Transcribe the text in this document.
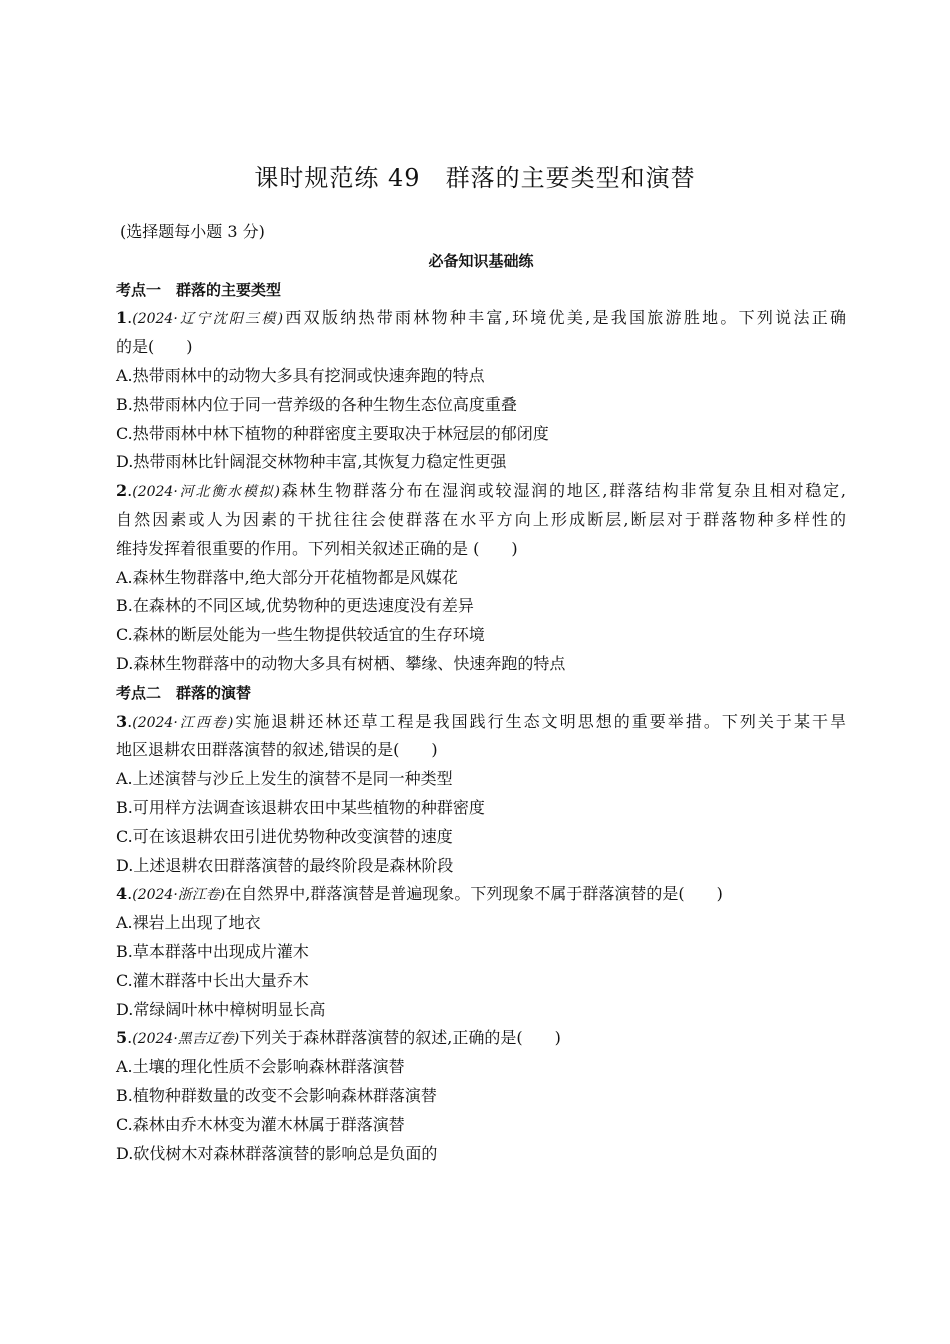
课时规范练 49　群落的主要类型和演替
(选择题每小题 3 分)
必备知识基础练
考点一　群落的主要类型
1.(2024·辽宁沈阳三模)西双版纳热带雨林物种丰富,环境优美,是我国旅游胜地。下列说法正确
的是(　　)
A.热带雨林中的动物大多具有挖洞或快速奔跑的特点
B.热带雨林内位于同一营养级的各种生物生态位高度重叠
C.热带雨林中林下植物的种群密度主要取决于林冠层的郁闭度
D.热带雨林比针阔混交林物种丰富,其恢复力稳定性更强
2.(2024·河北衡水模拟)森林生物群落分布在湿润或较湿润的地区,群落结构非常复杂且相对稳定,
自然因素或人为因素的干扰往往会使群落在水平方向上形成断层,断层对于群落物种多样性的
维持发挥着很重要的作用。下列相关叙述正确的是 (　　)
A.森林生物群落中,绝大部分开花植物都是风媒花
B.在森林的不同区域,优势物种的更迭速度没有差异
C.森林的断层处能为一些生物提供较适宜的生存环境
D.森林生物群落中的动物大多具有树栖、攀缘、快速奔跑的特点
考点二　群落的演替
3.(2024·江西卷)实施退耕还林还草工程是我国践行生态文明思想的重要举措。下列关于某干旱
地区退耕农田群落演替的叙述,错误的是(　　)
A.上述演替与沙丘上发生的演替不是同一种类型
B.可用样方法调查该退耕农田中某些植物的种群密度
C.可在该退耕农田引进优势物种改变演替的速度
D.上述退耕农田群落演替的最终阶段是森林阶段
4.(2024·浙江卷)在自然界中,群落演替是普遍现象。下列现象不属于群落演替的是(　　)
A.裸岩上出现了地衣
B.草本群落中出现成片灌木
C.灌木群落中长出大量乔木
D.常绿阔叶林中樟树明显长高
5.(2024·黑吉辽卷)下列关于森林群落演替的叙述,正确的是(　　)
A.土壤的理化性质不会影响森林群落演替
B.植物种群数量的改变不会影响森林群落演替
C.森林由乔木林变为灌木林属于群落演替
D.砍伐树木对森林群落演替的影响总是负面的
